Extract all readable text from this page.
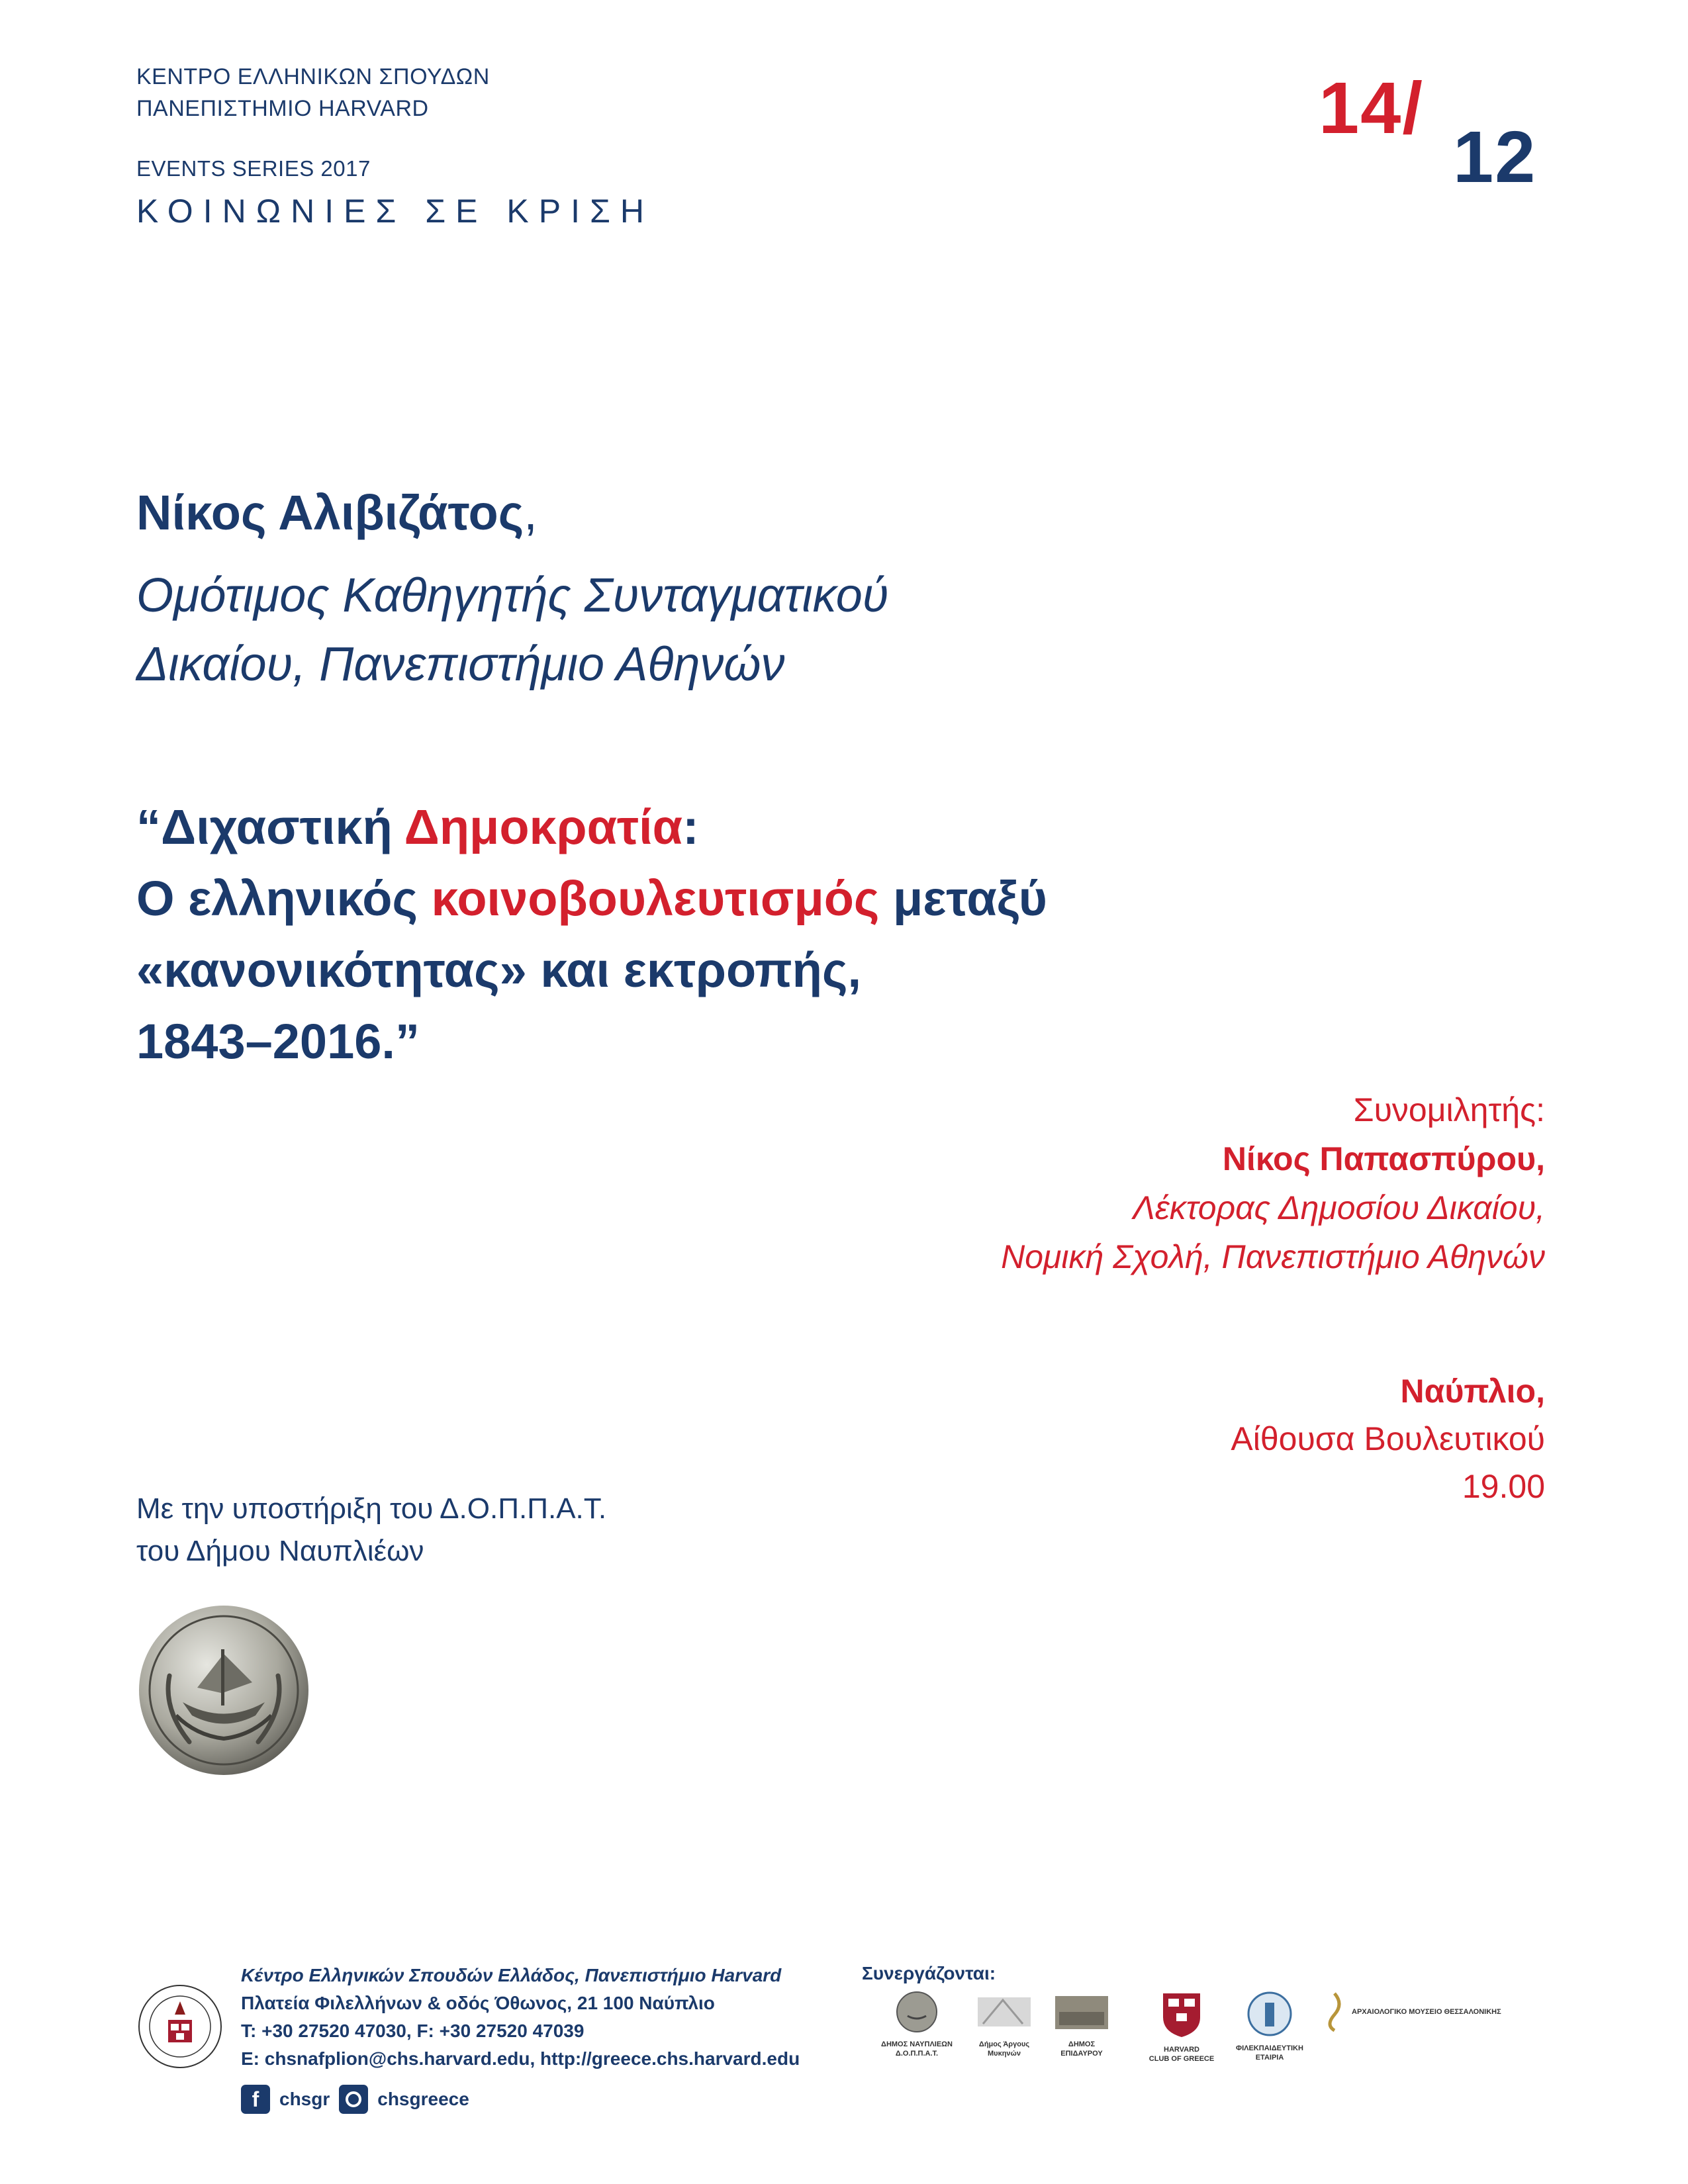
ΚΕΝΤΡΟ ΕΛΛΗΝΙΚΩΝ ΣΠΟΥΔΩΝ
ΠΑΝΕΠΙΣΤΗΜΙΟ HARVARD
EVENTS SERIES 2017
ΚΟΙΝΩΝΙΕΣ ΣΕ ΚΡΙΣΗ
14/
12
Νίκος Αλιβιζάτος,
Ομότιμος Καθηγητής Συνταγματικού
Δικαίου, Πανεπιστήμιο Αθηνών
“Διχαστική Δημοκρατία:
Ο ελληνικός κοινοβουλευτισμός μεταξύ
«κανονικότητας» και εκτροπής,
1843–2016.”
Συνομιλητής:
Νίκος Παπασπύρου,
Λέκτορας Δημοσίου Δικαίου,
Νομική Σχολή, Πανεπιστήμιο Αθηνών
Ναύπλιο,
Αίθουσα Βουλευτικού
19.00
Με την υποστήριξη του Δ.Ο.Π.Π.Α.Τ.
του Δήμου Ναυπλιέων
Κέντρο Ελληνικών Σπουδών Ελλάδος, Πανεπιστήμιο Harvard
Πλατεία Φιλελλήνων & οδός Όθωνος, 21 100 Ναύπλιο
T: +30 27520 47030, F: +30 27520 47039
E: chsnafplion@chs.harvard.edu, http://greece.chs.harvard.edu
f	chsgr	chsgreece
Συνεργάζονται:
ΔΗΜΟΣ ΝΑΥΠΛΙΕΩΝ
Δ.Ο.Π.Π.Α.Τ.
Δήμος Άργους
Μυκηνών
ΔΗΜΟΣ
ΕΠΙΔΑΥΡΟΥ	HARVARD
CLUB OF GREECE
ΦΙΛΕΚΠΑΙΔΕΥΤΙΚΗ
ΕΤΑΙΡΙΑ
ΑΡΧΑΙΟΛΟΓΙΚΟ ΜΟΥΣΕΙΟ ΘΕΣΣΑΛΟΝΙΚΗΣ
